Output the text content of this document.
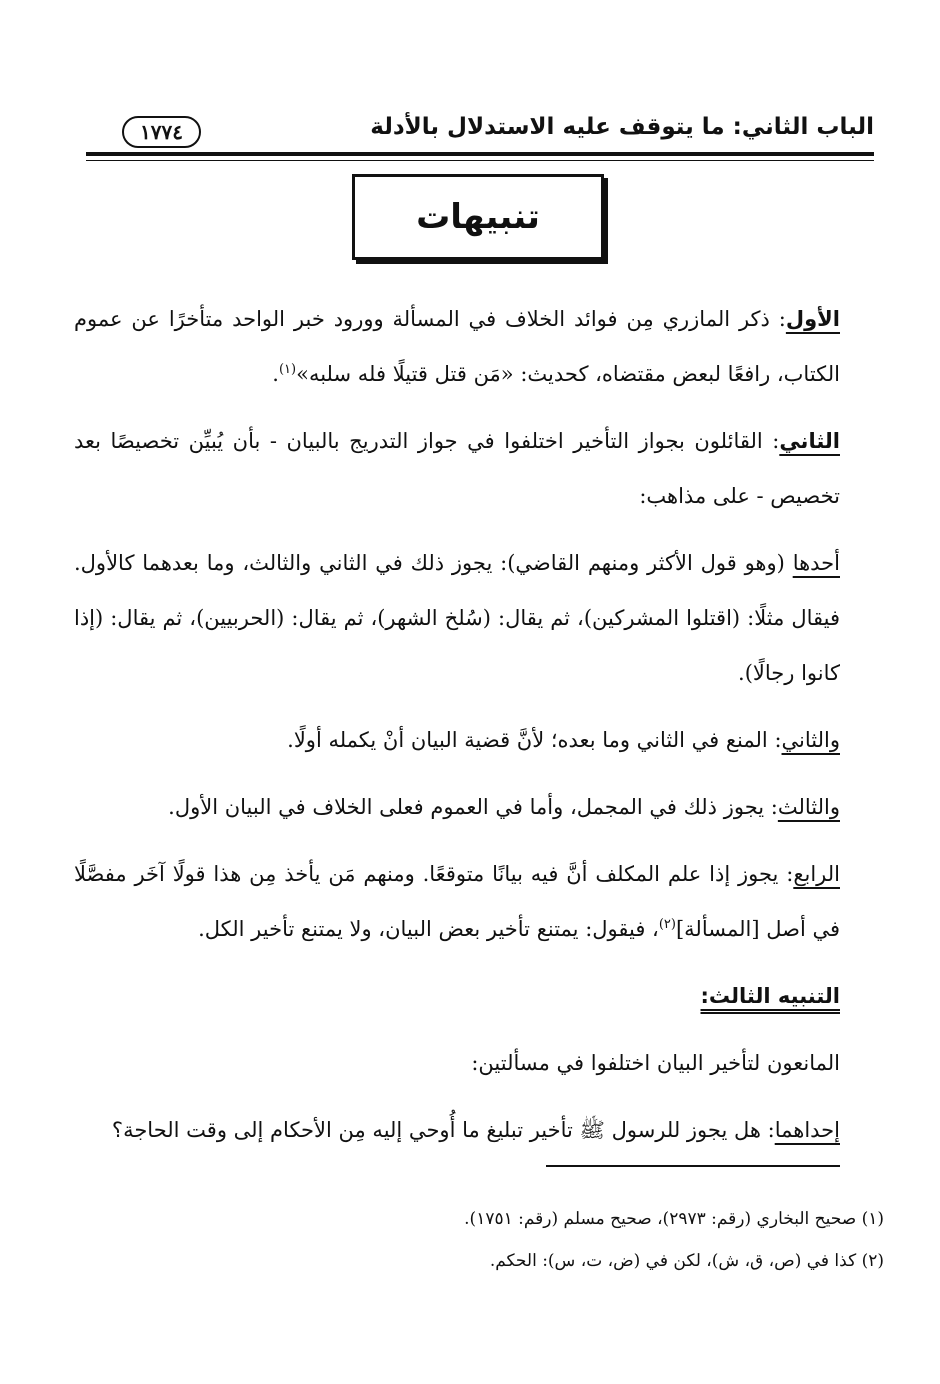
الباب الثاني: ما يتوقف عليه الاستدلال بالأدلة
١٧٧٤
تنبيهات

الأول: ذكر المازري مِن فوائد الخلاف في المسألة وورود خبر الواحد متأخرًا عن عموم الكتاب، رافعًا لبعض مقتضاه، كحديث: «مَن قتل قتيلًا فله سلبه»$^{(١)}$.

الثاني: القائلون بجواز التأخير اختلفوا في جواز التدريج بالبيان - بأن يُبيِّن تخصيصًا بعد تخصيص - على مذاهب:

أحدها (وهو قول الأكثر ومنهم القاضي): يجوز ذلك في الثاني والثالث، وما بعدهما كالأول. فيقال مثلًا: (اقتلوا المشركين)، ثم يقال: (سُلخ الشهر)، ثم يقال: (الحربيين)، ثم يقال: (إذا كانوا رجالًا).

والثاني: المنع في الثاني وما بعده؛ لأنَّ قضية البيان أنْ يكمله أولًا.

والثالث: يجوز ذلك في المجمل، وأما في العموم فعلى الخلاف في البيان الأول.

الرابع: يجوز إذا علم المكلف أنَّ فيه بيانًا متوقعًا. ومنهم مَن يأخذ مِن هذا قولًا آخَر مفصَّلًا في أصل [المسألة]$^{(٢)}$، فيقول: يمتنع تأخير بعض البيان، ولا يمتنع تأخير الكل.

التنبيه الثالث:

المانعون لتأخير البيان اختلفوا في مسألتين:

إحداهما: هل يجوز للرسول ﷺ تأخير تبليغ ما أُوحي إليه مِن الأحكام إلى وقت الحاجة؟

(١) صحيح البخاري (رقم: ٢٩٧٣)، صحيح مسلم (رقم: ١٧٥١).

(٢) كذا في (ص، ق، ش)، لكن في (ض، ت، س): الحكم.
